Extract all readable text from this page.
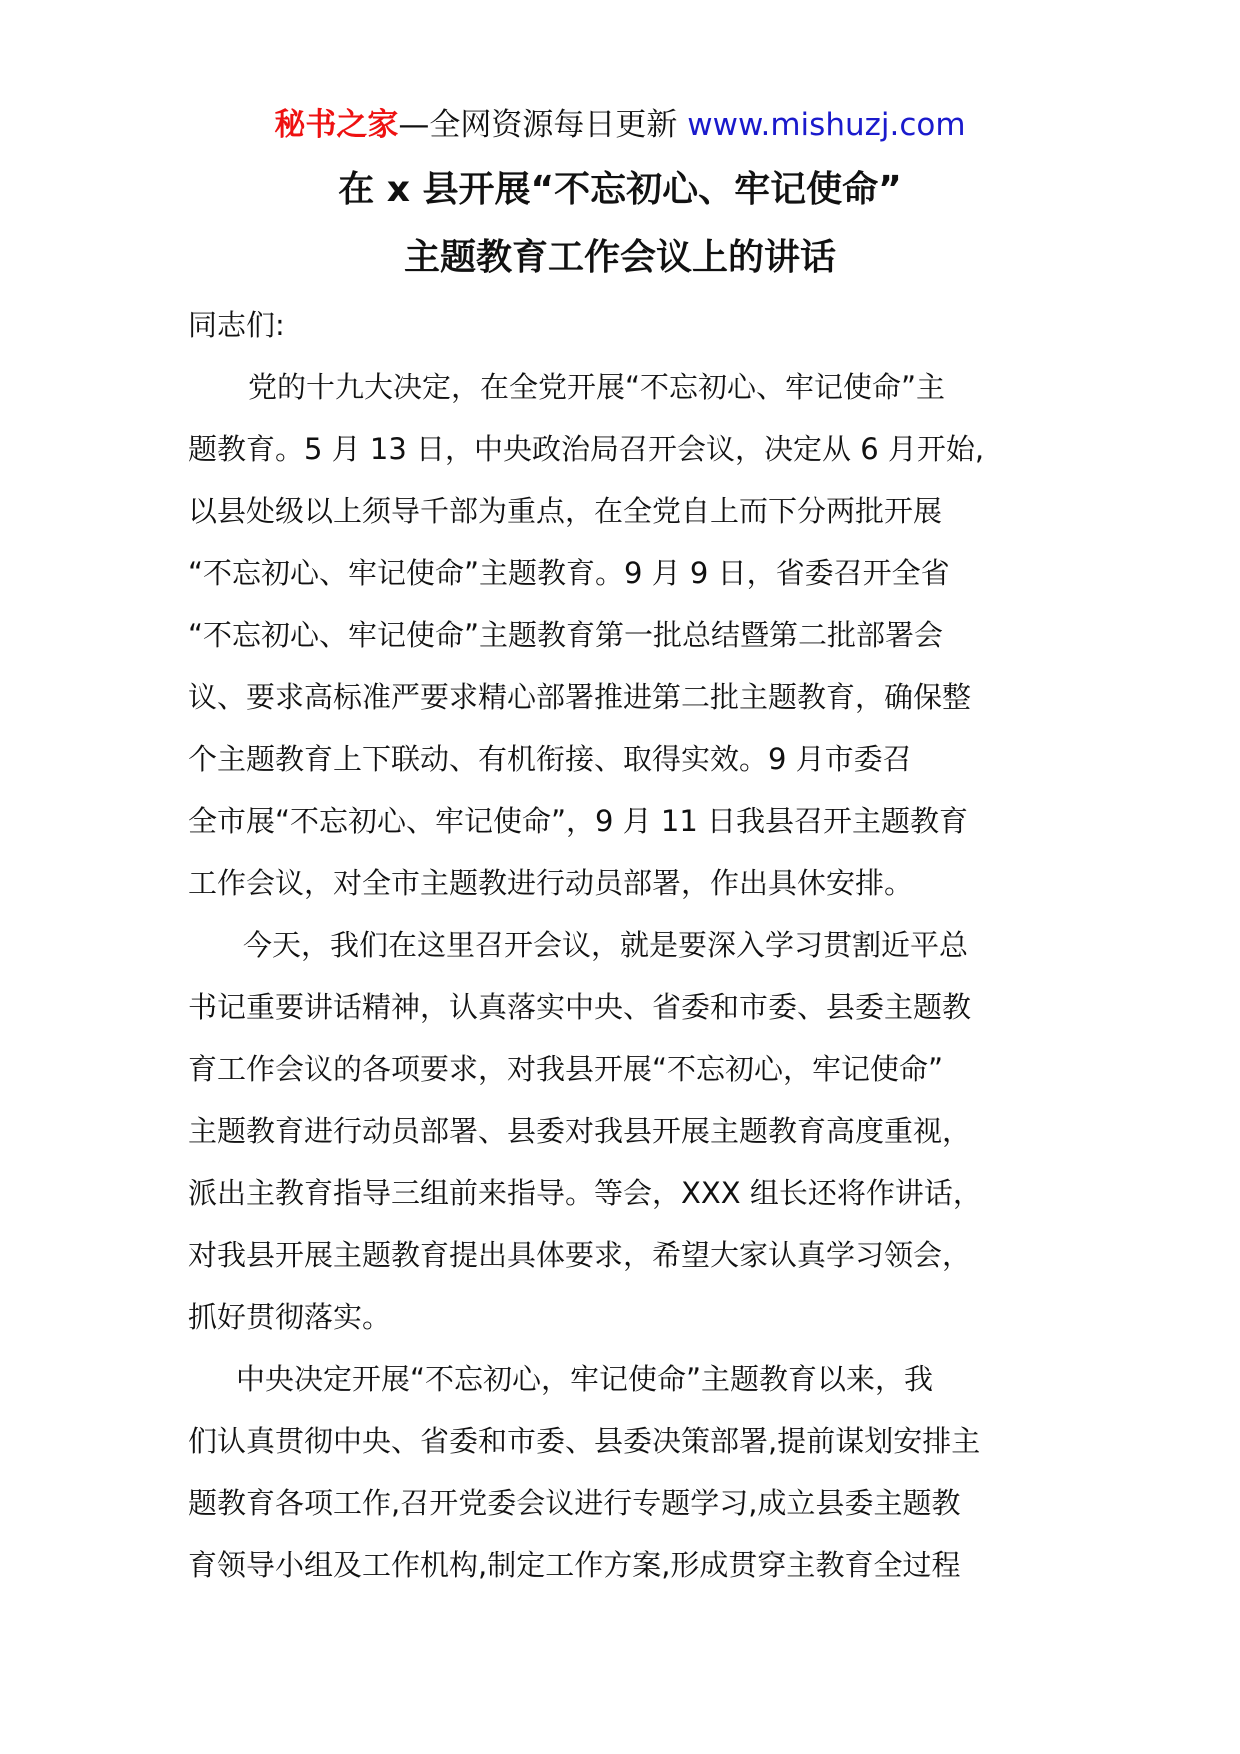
秘书之家—全网资源每日更新 www.mishuzj.com
在 x 县开展“不忘初心、牢记使命”
主题教育工作会议上的讲话
同志们:
党的十九大决定，在全党开展“不忘初心、牢记使命”主
题教育。5 月 13 日，中央政治局召开会议，决定从 6 月开始,
以县处级以上须导千部为重点，在全党自上而下分两批开展
“不忘初心、牢记使命”主题教育。9 月 9 日，省委召开全省
“不忘初心、牢记使命”主题教育第一批总结暨第二批部署会
议、要求高标准严要求精心部署推进第二批主题教育，确保整
个主题教育上下联动、有机衔接、取得实效。9 月市委召
全市展“不忘初心、牢记使命”，9 月 11 日我县召开主题教育
工作会议，对全市主题教进行动员部署，作出具休安排。
今天，我们在这里召开会议，就是要深入学习贯割近平总
书记重要讲话精神，认真落实中央、省委和市委、县委主题教
育工作会议的各项要求，对我县开展“不忘初心，牢记使命”
主题教育进行动员部署、县委对我县开展主题教育高度重视，
派出主教育指导三组前来指导。等会，XXX 组长还将作讲话，
对我县开展主题教育提出具体要求，希望大家认真学习领会，
抓好贯彻落实。
中央决定开展“不忘初心，牢记使命”主题教育以来，我
们认真贯彻中央、省委和市委、县委决策部署,提前谋划安排主
题教育各项工作,召开党委会议进行专题学习,成立县委主题教
育领导小组及工作机构,制定工作方案,形成贯穿主教育全过程
